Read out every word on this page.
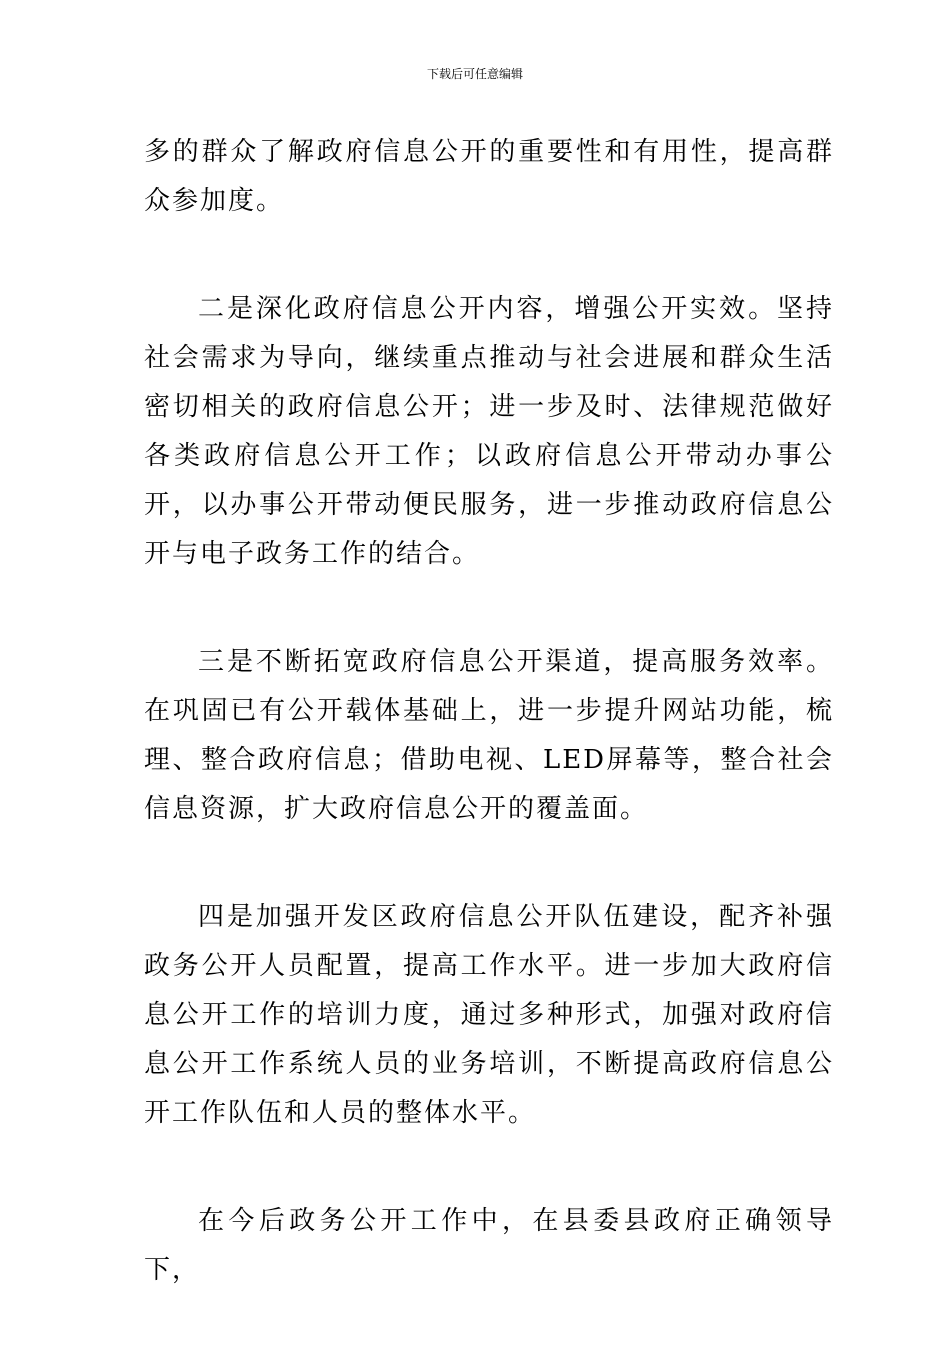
下载后可任意编辑

多的群众了解政府信息公开的重要性和有用性，提高群众参加度。

二是深化政府信息公开内容，增强公开实效。坚持社会需求为导向，继续重点推动与社会进展和群众生活密切相关的政府信息公开；进一步及时、法律规范做好各类政府信息公开工作；以政府信息公开带动办事公开，以办事公开带动便民服务，进一步推动政府信息公开与电子政务工作的结合。

三是不断拓宽政府信息公开渠道，提高服务效率。在巩固已有公开载体基础上，进一步提升网站功能，梳理、整合政府信息；借助电视、LED屏幕等，整合社会信息资源，扩大政府信息公开的覆盖面。

四是加强开发区政府信息公开队伍建设，配齐补强政务公开人员配置，提高工作水平。进一步加大政府信息公开工作的培训力度，通过多种形式，加强对政府信息公开工作系统人员的业务培训，不断提高政府信息公开工作队伍和人员的整体水平。

在今后政务公开工作中，在县委县政府正确领导下，
